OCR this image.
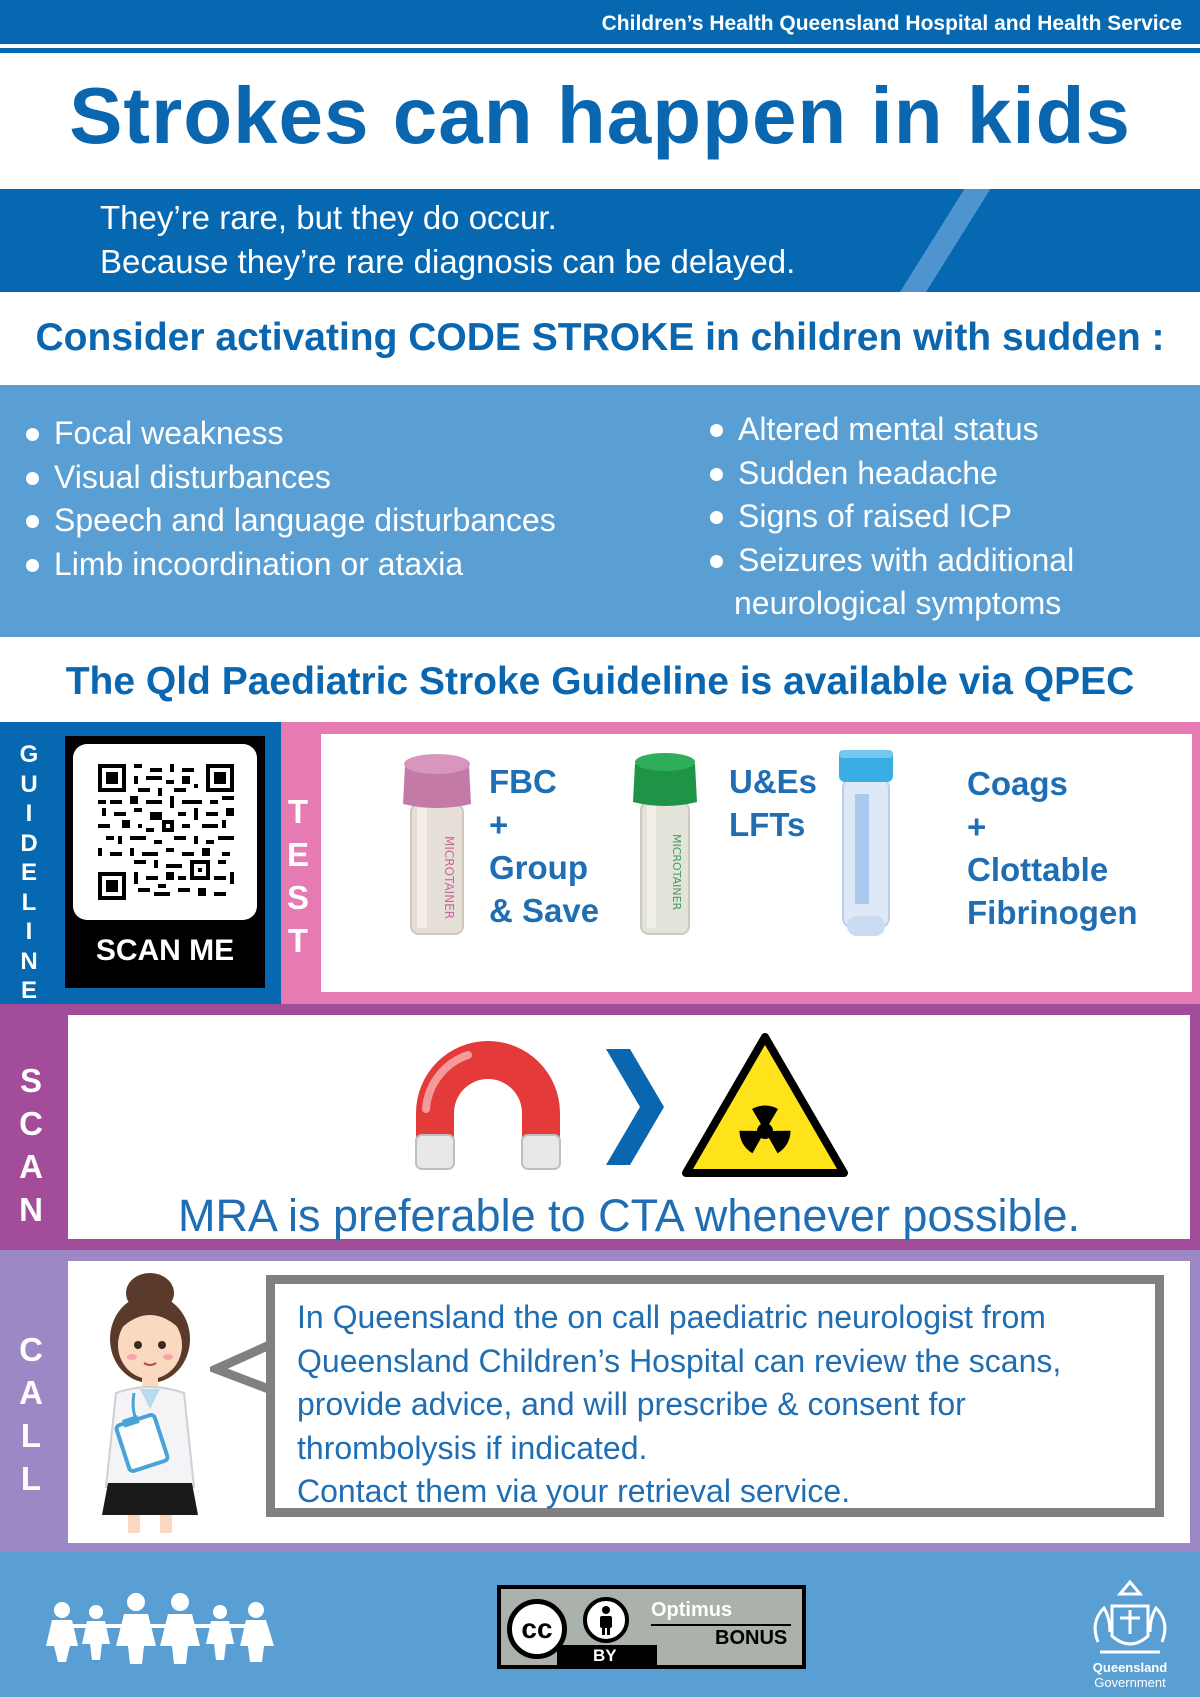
Children’s Health Queensland Hospital and Health Service
Strokes can happen in kids
They’re rare, but they do occur.
Because they’re rare diagnosis can be delayed.
Consider activating CODE STROKE in children with sudden :
Focal weakness
Visual disturbances
Speech and language disturbances
Limb incoordination or ataxia
Altered mental status
Sudden headache
Signs of raised ICP
Seizures with additional
neurological symptoms
The Qld Paediatric Stroke Guideline is available via QPEC
G
U
I
D
E
L
I
N
E
SCAN ME
T
E
S
T
MICROTAINER
FBC
+
Group
& Save
MICROTAINER
U&Es
LFTs
Coags
+
Clottable
Fibrinogen
S
C
A
N	MRA is preferable to CTA whenever possible.
C
A
L
L
In Queensland the on call paediatric neurologist from
Queensland Children’s Hospital can review the scans,
provide advice, and will prescribe & consent for
thrombolysis if indicated.
Contact them via your retrieval service.
cc
BY
Optimus
BONUS
Queensland
Government
